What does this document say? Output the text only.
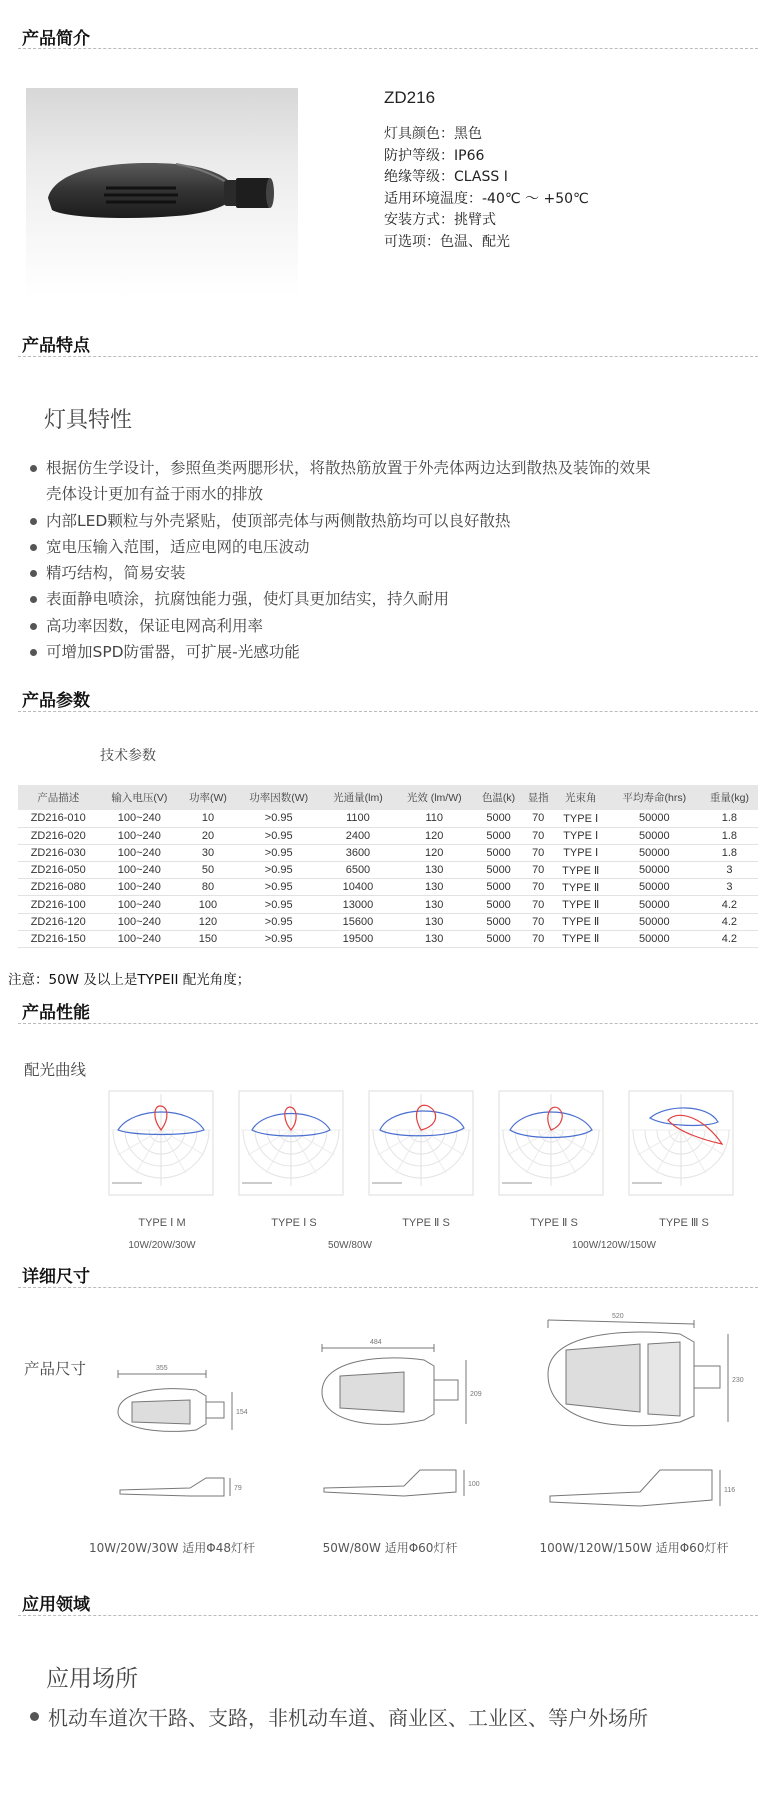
产品简介
产品特点
产品参数
产品性能
详细尺寸
应用领域
ZD216
灯具颜色：黑色
防护等级：IP66
绝缘等级：CLASS Ⅰ
适用环境温度：-40℃ ～ +50℃
安装方式：挑臂式
可选项：色温、配光
灯具特性
根据仿生学设计，参照鱼类两腮形状，将散热筋放置于外壳体两边达到散热及装饰的效果
壳体设计更加有益于雨水的排放
内部LED颗粒与外壳紧贴，使顶部壳体与两侧散热筋均可以良好散热
宽电压输入范围，适应电网的电压波动
精巧结构，简易安装
表面静电喷涂，抗腐蚀能力强，使灯具更加结实，持久耐用
高功率因数，保证电网高利用率
可增加SPD防雷器，可扩展-光感功能
技术参数
产品描述	输入电压(V)	功率(W)	功率因数(W)	光通量(lm)	光效 (lm/W)	色温(k)	显指	光束角	平均寿命(hrs)	重量(kg)
ZD216-010	100~240	10	>0.95	1100	110	5000	70	TYPE Ⅰ	50000	1.8
ZD216-020	100~240	20	>0.95	2400	120	5000	70	TYPE Ⅰ	50000	1.8
ZD216-030	100~240	30	>0.95	3600	120	5000	70	TYPE Ⅰ	50000	1.8
ZD216-050	100~240	50	>0.95	6500	130	5000	70	TYPE Ⅱ	50000	3
ZD216-080	100~240	80	>0.95	10400	130	5000	70	TYPE Ⅱ	50000	3
ZD216-100	100~240	100	>0.95	13000	130	5000	70	TYPE Ⅱ	50000	4.2
ZD216-120	100~240	120	>0.95	15600	130	5000	70	TYPE Ⅱ	50000	4.2
ZD216-150	100~240	150	>0.95	19500	130	5000	70	TYPE Ⅱ	50000	4.2
注意：50W 及以上是TYPEII 配光角度；
配光曲线
TYPE Ⅰ M	TYPE Ⅰ S	TYPE Ⅱ S	TYPE Ⅱ S	TYPE Ⅲ S
10W/20W/30W	50W/80W	100W/120W/150W
产品尺寸	355
154
79
484
209
100
520
230
116
10W/20W/30W 适用Φ48灯杆	50W/80W 适用Φ60灯杆	100W/120W/150W 适用Φ60灯杆
应用场所
机动车道次干路、支路，非机动车道、商业区、工业区、等户外场所
